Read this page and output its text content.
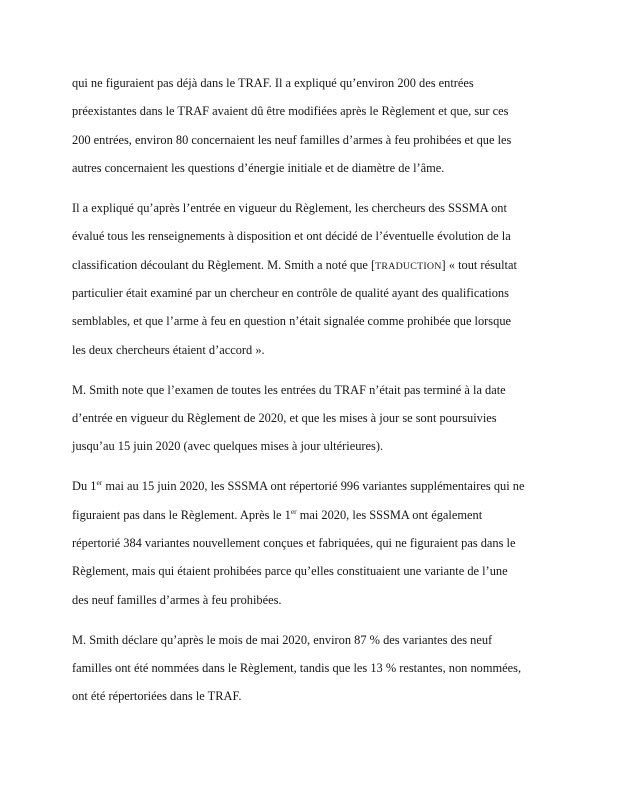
qui ne figuraient pas déjà dans le TRAF. Il a expliqué qu’environ 200 des entrées
préexistantes dans le TRAF avaient dû être modifiées après le Règlement et que, sur ces
200 entrées, environ 80 concernaient les neuf familles d’armes à feu prohibées et que les
autres concernaient les questions d’énergie initiale et de diamètre de l’âme.
Il a expliqué qu’après l’entrée en vigueur du Règlement, les chercheurs des SSSMA ont
évalué tous les renseignements à disposition et ont décidé de l’éventuelle évolution de la
classification découlant du Règlement. M. Smith a noté que [TRADUCTION] « tout résultat
particulier était examiné par un chercheur en contrôle de qualité ayant des qualifications
semblables, et que l’arme à feu en question n’était signalée comme prohibée que lorsque
les deux chercheurs étaient d’accord ».
M. Smith note que l’examen de toutes les entrées du TRAF n’était pas terminé à la date
d’entrée en vigueur du Règlement de 2020, et que les mises à jour se sont poursuivies
jusqu’au 15 juin 2020 (avec quelques mises à jour ultérieures).
Du 1er mai au 15 juin 2020, les SSSMA ont répertorié 996 variantes supplémentaires qui ne
figuraient pas dans le Règlement. Après le 1er mai 2020, les SSSMA ont également
répertorié 384 variantes nouvellement conçues et fabriquées, qui ne figuraient pas dans le
Règlement, mais qui étaient prohibées parce qu’elles constituaient une variante de l’une
des neuf familles d’armes à feu prohibées.
M. Smith déclare qu’après le mois de mai 2020, environ 87 % des variantes des neuf
familles ont été nommées dans le Règlement, tandis que les 13 % restantes, non nommées,
ont été répertoriées dans le TRAF.
